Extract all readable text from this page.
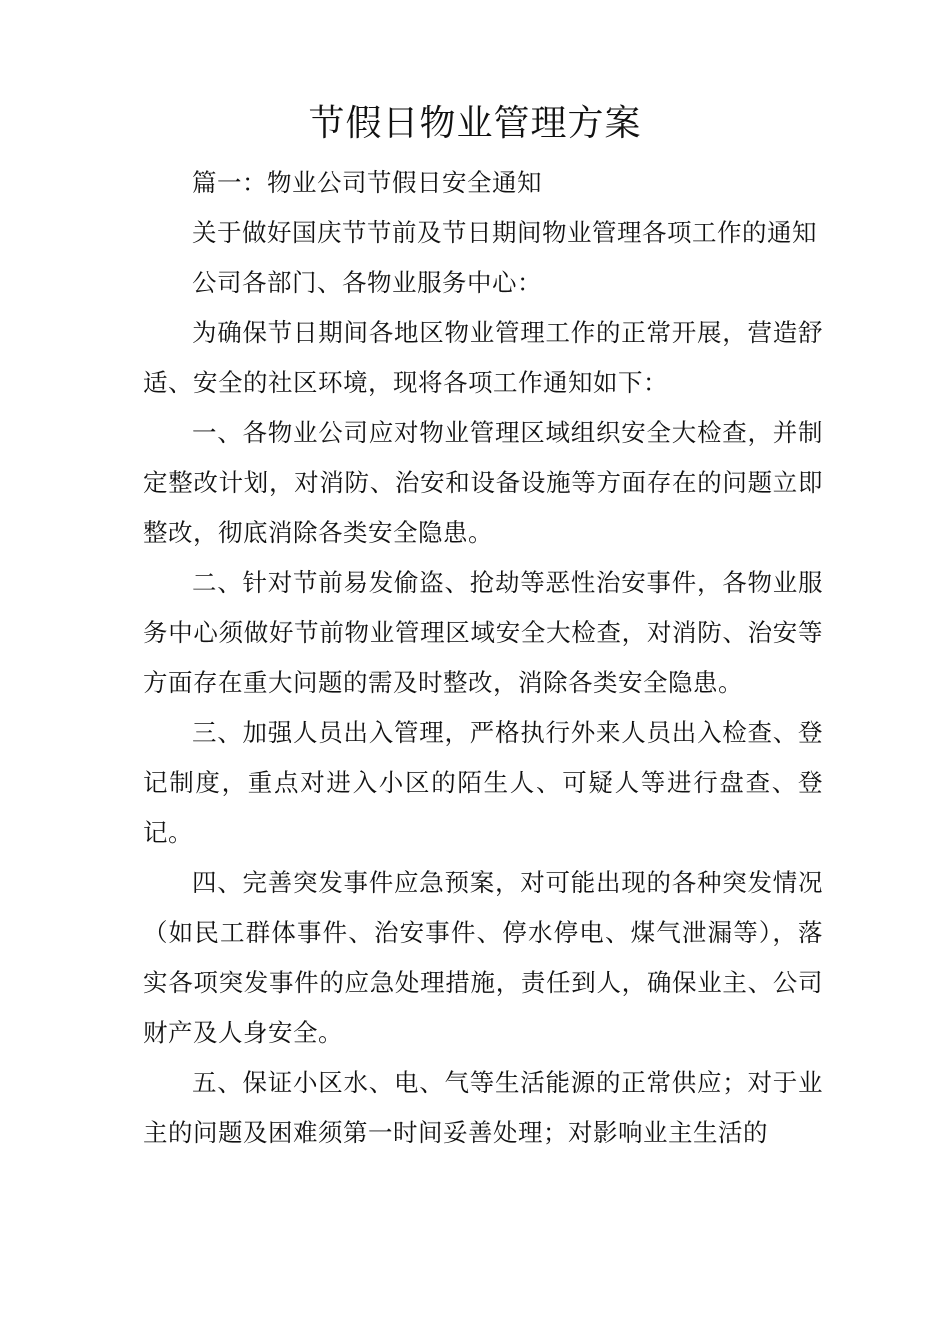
节假日物业管理方案

篇一：物业公司节假日安全通知

关于做好国庆节节前及节日期间物业管理各项工作的通知

公司各部门、各物业服务中心：

为确保节日期间各地区物业管理工作的正常开展，营造舒适、安全的社区环境，现将各项工作通知如下：

一、各物业公司应对物业管理区域组织安全大检查，并制定整改计划，对消防、治安和设备设施等方面存在的问题立即整改，彻底消除各类安全隐患。

二、针对节前易发偷盗、抢劫等恶性治安事件，各物业服务中心须做好节前物业管理区域安全大检查，对消防、治安等方面存在重大问题的需及时整改，消除各类安全隐患。

三、加强人员出入管理，严格执行外来人员出入检查、登记制度，重点对进入小区的陌生人、可疑人等进行盘查、登记。

四、完善突发事件应急预案，对可能出现的各种突发情况（如民工群体事件、治安事件、停水停电、煤气泄漏等），落实各项突发事件的应急处理措施，责任到人，确保业主、公司财产及人身安全。

五、保证小区水、电、气等生活能源的正常供应；对于业主的问题及困难须第一时间妥善处理；对影响业主生活的
